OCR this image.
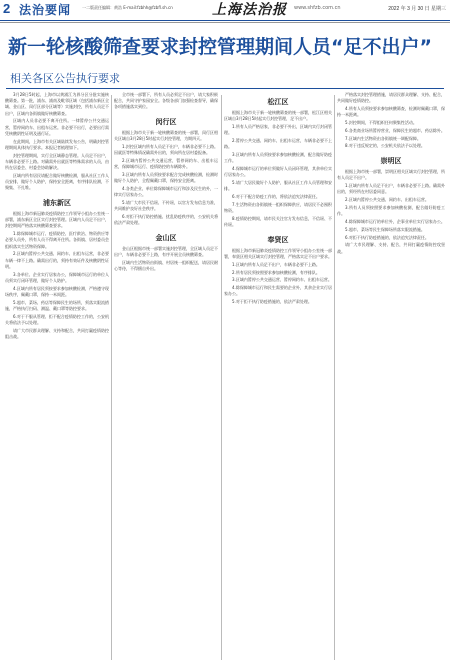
2 法治要闻	一二版责任编辑：黄浩 E-mail:fzbhh@fzbfl.sh.cn	上海法治报 www.shfzb.com.cn	2022 年 3 月 30 日 星期三
新一轮核酸筛查要求封控管理期间人员“足不出户”
相关各区公告执行要求

3月28日5时起，上海市以黄浦江为界分区分批实施核酸筛查。第一批，浦东、浦南及毗邻区域（包括浦东新区全域、金山区、闵行区部分区域等）实施封控，所有人员足不出户，区域内各街镇做好核酸筛查。

区域内人员非必要不离开住所。一律暂停公共交通运营，暂停网约车、出租车运营。非必要不出行，必要出行需凭核酸阴性证明及通行证。

在此期间，上海市有关区域陆续发布公告，明确封控管理期间具体执行要求。本报记者梳理如下。

封控管理期间，实行全区域静态管理。人员足不出户，车辆非必要不上路。对确需外出就医等特殊需求的人员，由所在居委会、村委会协助解决。

区域内所有居民请配合做好核酸检测，服从社区工作人员安排，做好个人防护，保持安全距离，有序排队检测，不聚集、不扎堆。

浦东新区

根据上海市新冠肺炎疫情防控工作领导小组办公室统一部署，浦东新区全区实行封控管理。区域内人员足不出户，封控期间严格落实核酸筛查要求。

1.除保障城市运行、疫情防控、医疗救治、物资供应等必要人员外，所有人员不得离开住所。各街镇、居村委员会组织落实生活物资保障。

2.区域内暂停公共交通、网约车、出租车运营，非必要车辆一律不上路。确需出行的，须持有效证件及核酸阴性证明。

3.各单位、企业实行居家办公，保障城市运行的单位人员须实行闭环管理，做好个人防护。

4.区域内所有居民须按要求参加核酸检测，严格遵守现场秩序，佩戴口罩，保持一米间距。

5.超市、菜场、药店等保障民生的场所，须落实限流措施，严格执行扫码、测温、戴口罩等防控要求。

6.对于不服从管理、拒不配合疫情防控工作的，公安机关将依法予以处理。

请广大市民群众理解、支持和配合，共同打赢疫情防控阻击战。

全市统一部署下，所有人员必须足不出户，请大家积极配合，共同守护家园安全。各级各部门加强检查督导，确保各项措施落实到位。

闵行区

根据上海市关于新一轮核酸筛查的统一部署，闵行区相关区域自3月28日5时起实行封控管理，为期四天。

1.封控区域内所有人员足不出户，车辆非必要不上路。因就医等特殊情况确需外出的，须向所在居村委报备。

2.区域内暂停公共交通运营，暂停网约车、出租车运营，保障城市运行、疫情防控的车辆除外。

3.区域内所有人员须按要求配合完成核酸检测，检测时做好个人防护，全程佩戴口罩，保持安全距离。

4.各类企业、单位除保障城市运行和涉及民生的外，一律实行居家办公。

5.请广大市民不信谣、不传谣，以官方发布信息为准，共同维护良好社会秩序。

6.对拒不执行防控措施、扰乱防疫秩序的，公安机关将依法严肃处理。

金山区

金山区根据市统一部署实施封控管理，全区域人员足不出户，车辆非必要不上路，有序开展全员核酸筛查。

区域内生活物资由街镇、村居统一组织配送，请居民耐心等待，不得擅自外出。

松江区

根据上海市关于新一轮核酸筛查的统一部署，松江区相关区域自3月28日5时起实行封控管理，足不出户。

1.所有人员严格居家，非必要不外出，区域内实行封闭管理。

2.暂停公共交通、网约车、出租车运营，车辆非必要不上路。

3.区域内所有人员须按要求参加核酸检测，配合做好防疫工作。

4.保障城市运行的单位须做好人员闭环管理，其余单位实行居家办公。

5.请广大居民做好个人防护，服从社区工作人员管理和安排。

6.对于不配合防疫工作的，将依法追究法律责任。

7.生活物资由各街镇统一组织保障供应，请居民不必囤积物资。

8.疫情防控期间，请市民关注官方发布信息，不信谣、不传谣。

奉贤区

根据上海市新冠肺炎疫情防控工作领导小组办公室统一部署，奉贤区相关区域实行封控管理，严格落实足不出户要求。

1.区域内所有人员足不出户，车辆非必要不上路。

2.所有居民须按照要求参加核酸检测，有序排队。

3.区域内暂停公共交通运营，暂停网约车、出租车运营。

4.除保障城市运行和民生需要的企业外，其余企业实行居家办公。

5.对于拒不执行防疫措施的，依法严肃处理。

严格落实封控管理措施，请居民群众理解、支持、配合，共同做好疫情防控。

4.所有人员须按要求参加核酸筛查，检测时佩戴口罩，保持一米距离。

5.封控期间，不得组织任何聚集性活动。

6.各类商业场所暂停营业，保障民生的超市、药店除外。

7.区域内生活物资由各街镇统一调配保障。

8.对于违反规定的，公安机关依法予以处理。

崇明区

根据上海市统一部署，崇明区相关区域实行封控管理，所有人员足不出户。

1.区域内所有人员足不出户，车辆非必要不上路。确需外出的，须经所在村居委同意。

2.区域内暂停公共交通、网约车、出租车运营。

3.所有人员须按照要求参加核酸检测，配合做好防疫工作。

4.除保障城市运行的单位外，企事业单位实行居家办公。

5.超市、菜场等民生保障场所落实限流措施。

6.对拒不执行防疫措施的，依法追究法律责任。

请广大市民理解、支持、配合，共同打赢疫情防控攻坚战。
